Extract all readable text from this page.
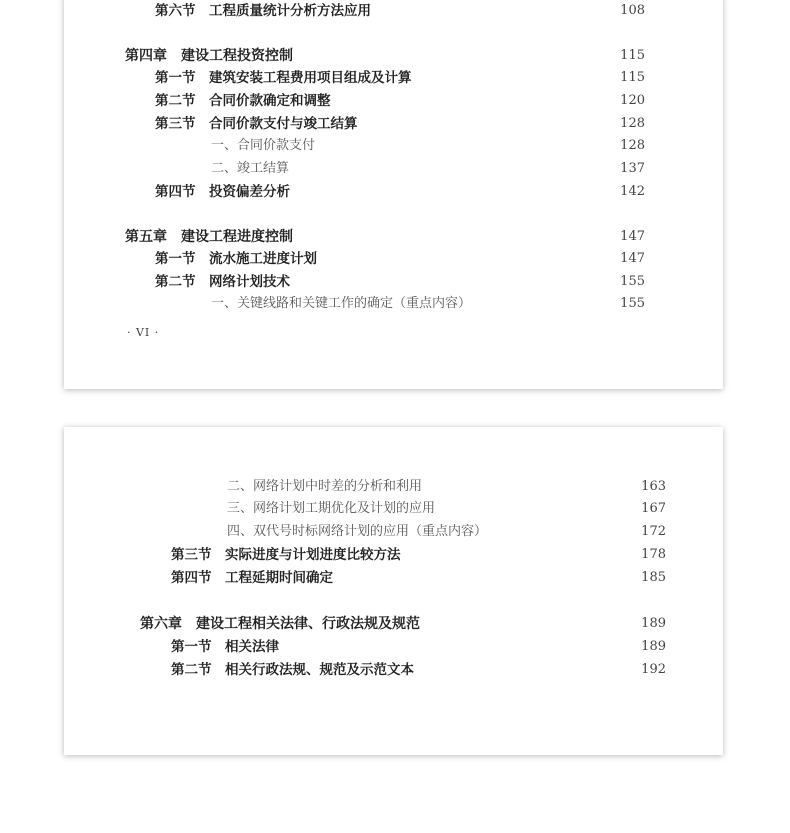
第六节　工程质量统计分析方法应用	108
第四章　建设工程投资控制	115
第一节　建筑安装工程费用项目组成及计算	115
第二节　合同价款确定和调整	120
第三节　合同价款支付与竣工结算	128
一、合同价款支付	128
二、竣工结算	137
第四节　投资偏差分析	142
第五章　建设工程进度控制	147
第一节　流水施工进度计划	147
第二节　网络计划技术	155
一、关键线路和关键工作的确定（重点内容）	155
· VI ·
二、网络计划中时差的分析和利用	163
三、网络计划工期优化及计划的应用	167
四、双代号时标网络计划的应用（重点内容）	172
第三节　实际进度与计划进度比较方法	178
第四节　工程延期时间确定	185
第六章　建设工程相关法律、行政法规及规范	189
第一节　相关法律	189
第二节　相关行政法规、规范及示范文本	192
